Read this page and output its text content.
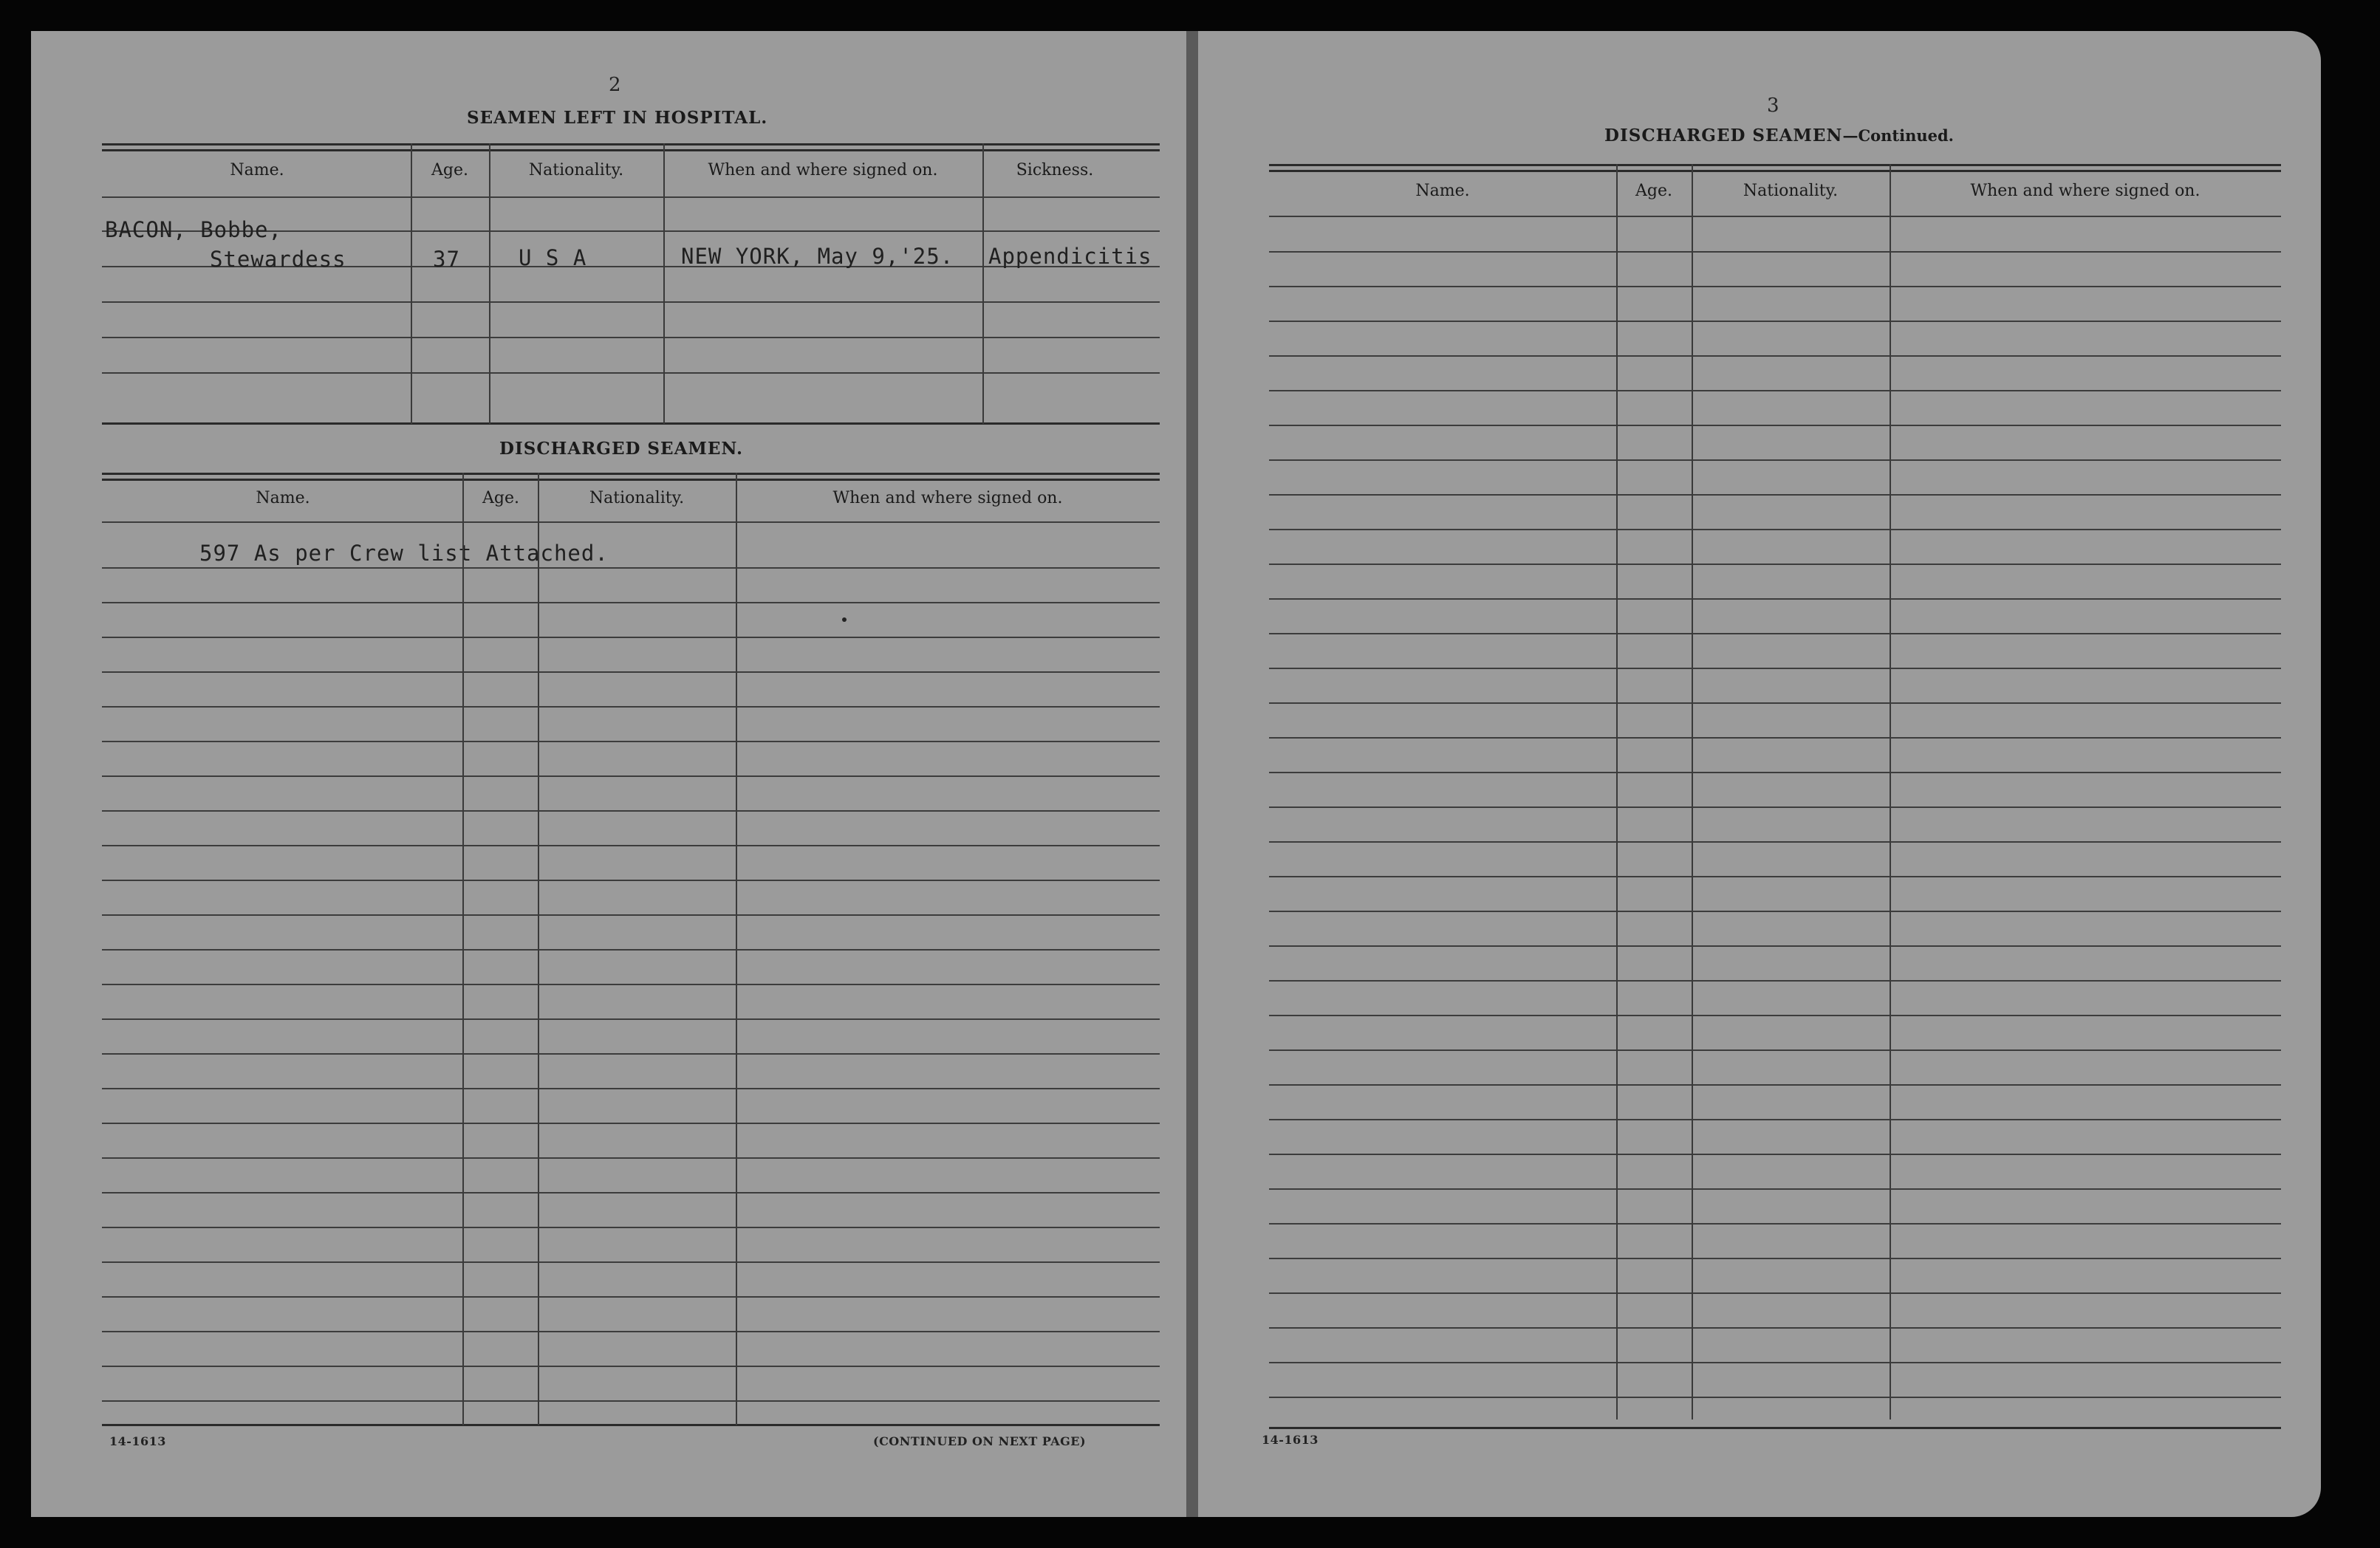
2
SEAMEN LEFT IN HOSPITAL.
Name.	Age.	Nationality.	When and where signed on.	Sickness.
BACON, Bobbe,
Stewardess	37	U S A	NEW YORK, May 9,'25. Appendicitis
DISCHARGED SEAMEN.
Name.	Age.	Nationality.	When and where signed on.
597 As per Crew list Attached.
14-1613	(CONTINUED ON NEXT PAGE)
3
DISCHARGED SEAMEN—Continued.
Name.	Age.	Nationality.	When and where signed on.
14-1613
